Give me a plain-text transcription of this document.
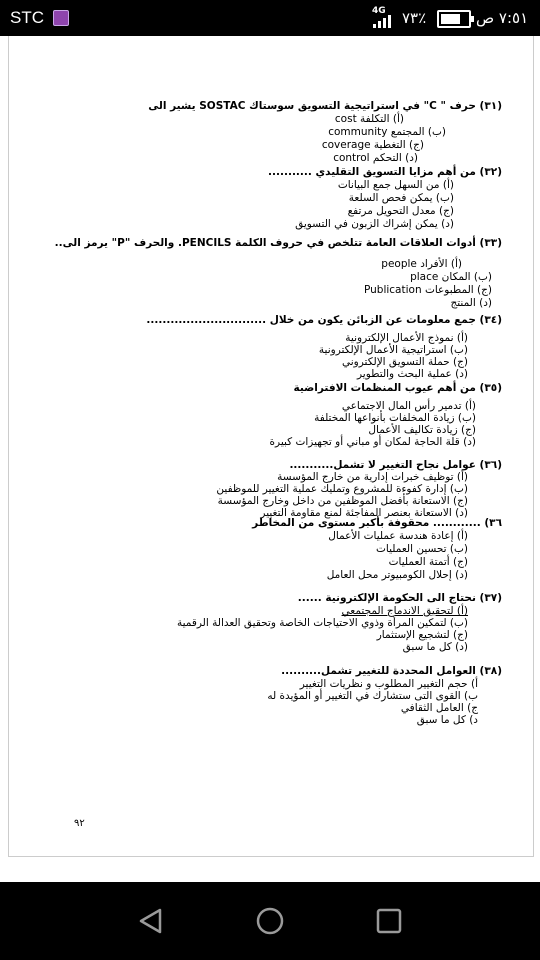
STC	4G ٧٣٪	٧:٥١ ص
(٣١) حرف " C" في استراتيجية التسويق سوستاك SOSTAC يشير الى
(أ) التكلفة cost
(ب) المجتمع community
(ج) التغطية coverage
(د) التحكم control
(٣٢) من أهم مزايا التسويق التقليدي ...........
(أ) من السهل جمع البيانات
(ب) يمكن فحص السلعة
(ج) معدل التحويل مرتفع
(د) يمكن إشراك الزبون في التسويق
(٣٣) أدوات العلاقات العامة تتلخص في حروف الكلمة PENCILS. والحرف "P" يرمز الى..
(أ) الأفراد people
(ب) المكان place
(ج) المطبوعات Publication
(د) المنتج
(٣٤) جمع معلومات عن الزبائن يكون من خلال ..............................
(أ) نموذج الأعمال الإلكترونية
(ب) استراتيجية الأعمال الإلكترونية
(ج) حملة التسويق الإلكتروني
(د) عملية البحث والتطوير
(٣٥) من أهم عيوب المنظمات الافتراضية
(أ) تدمير رأس المال الاجتماعي
(ب) زيادة المخلفات بأنواعها المختلفة
(ج) زيادة تكاليف الأعمال
(د) قلة الحاجة لمكان أو مباني أو تجهيزات كبيرة
(٣٦) عوامل نجاح التغيير لا تشمل...........
(أ) توظيف خبرات إدارية من خارج المؤسسة
(ب) إدارة كفوءة للمشروع وتمليك عملية التغيير للموظفين
(ج) الاستعانة بأفضل الموظفين من داخل وخارج المؤسسة
(د) الاستعانة بعنصر المفاجئة لمنع مقاومة التغيير
٣٦) ............ محقوفة بأكبر مستوى من المخاطر
(أ) إعادة هندسة عمليات الأعمال
(ب) تحسين العمليات
(ج) أتمتة العمليات
(د) إحلال الكومبيوتر محل العامل
(٣٧) نحتاج الى الحكومة الإلكترونية ......
(أ) لتحقيق الاندماج المجتمعي
(ب) لتمكين المرأة وذوي الاحتياجات الخاصة وتحقيق العدالة الرقمية
(ج) لتشجيع الإستثمار
(د) كل ما سبق
(٣٨) العوامل المحددة للتغيير تشمل..........
أ) حجم التغيير المطلوب و نظريات التغيير
ب) القوى التى ستشارك في التغيير أو المؤيدة له
ج) العامل الثقافي
د) كل ما سبق
٩٢
